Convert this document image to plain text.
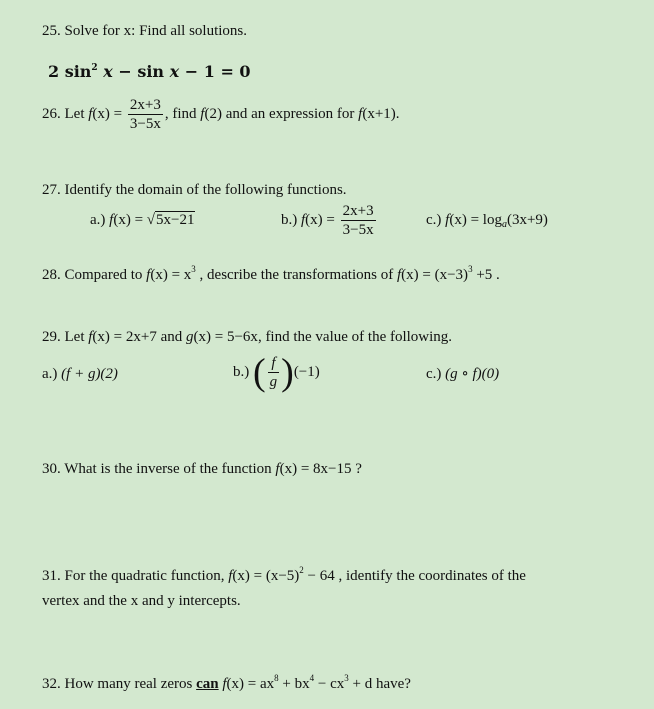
25. Solve for x: Find all solutions.
2 $\sin^2 x - \sin x - 1 = 0$
26. Let $f(x) = \frac{2x+3}{3-5x}$ , find f(2) and an expression for f(x+1).
27. Identify the domain of the following functions.
a.) f(x) = √5x−21	b.) $f(x) = \frac{2x+3}{3-5x}$	c.) $f(x) = \log_a(3x+9)$
28. Compared to $f(x) = x^3$ , describe the transformations of $f(x) = (x-3)^3 +5$ .
29. Let f(x) = 2x+7 and g(x) = 5−6x, find the value of the following.
a.) (f + g)(2)	b.) ( $\frac{f}{g} )(-1)$	c.) (g ∘ f)(0)
30. What is the inverse of the function f(x) = 8x−15 ?
31. For the quadratic function, $f(x) = (x-5)^2 - 64$ , identify the coordinates of the
vertex and the x and y intercepts.
32. How many real zeros can $f(x) = ax^8 + bx^4 - cx^3 + d$ have?
